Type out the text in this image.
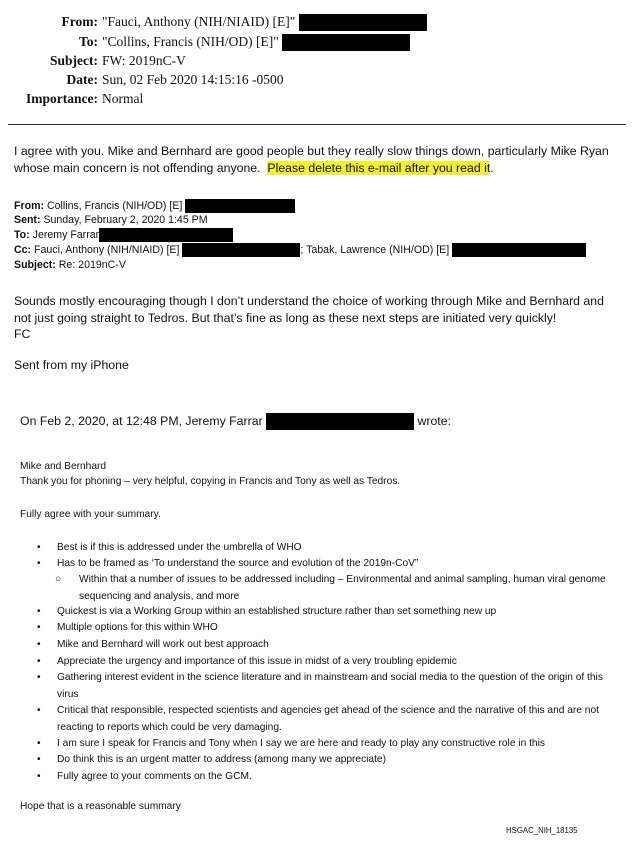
From: "Fauci, Anthony (NIH/NIAID) [E]"
To: "Collins, Francis (NIH/OD) [E]"
Subject: FW: 2019nC-V
Date: Sun, 02 Feb 2020 14:15:16 -0500
Importance: Normal
I agree with you. Mike and Bernhard are good people but they really slow things down, particularly Mike Ryan
whose main concern is not offending anyone. Please delete this e-mail after you read it.
From: Collins, Francis (NIH/OD) [E]
Sent: Sunday, February 2, 2020 1:45 PM
To: Jeremy Farrar
Cc: Fauci, Anthony (NIH/NIAID) [E]	; Tabak, Lawrence (NIH/OD) [E]
Subject: Re: 2019nC-V
Sounds mostly encouraging though I don’t understand the choice of working through Mike and Bernhard and
not just going straight to Tedros. But that’s fine as long as these next steps are initiated very quickly!
FC
Sent from my iPhone
On Feb 2, 2020, at 12:48 PM, Jeremy Farrar	wrote:
Mike and Bernhard
Thank you for phoning – very helpful, copying in Francis and Tony as well as Tedros.
Fully agree with your summary.
• Best is if this is addressed under the umbrella of WHO
• Has to be framed as ‘To understand the source and evolution of the 2019n-CoV”
○ Within that a number of issues to be addressed including – Environmental and animal sampling, human viral genome sequencing and analysis, and more
• Quickest is via a Working Group within an established structure rather than set something new up
• Multiple options for this within WHO
• Mike and Bernhard will work out best approach
• Appreciate the urgency and importance of this issue in midst of a very troubling epidemic
• Gathering interest evident in the science literature and in mainstream and social media to the question of the origin of this virus
• Critical that responsible, respected scientists and agencies get ahead of the science and the narrative of this and are not reacting to reports which could be very damaging.
• I am sure I speak for Francis and Tony when I say we are here and ready to play any constructive role in this
• Do think this is an urgent matter to address (among many we appreciate)
• Fully agree to your comments on the GCM.
Hope that is a reasonable summary
HSGAC_NIH_18135
